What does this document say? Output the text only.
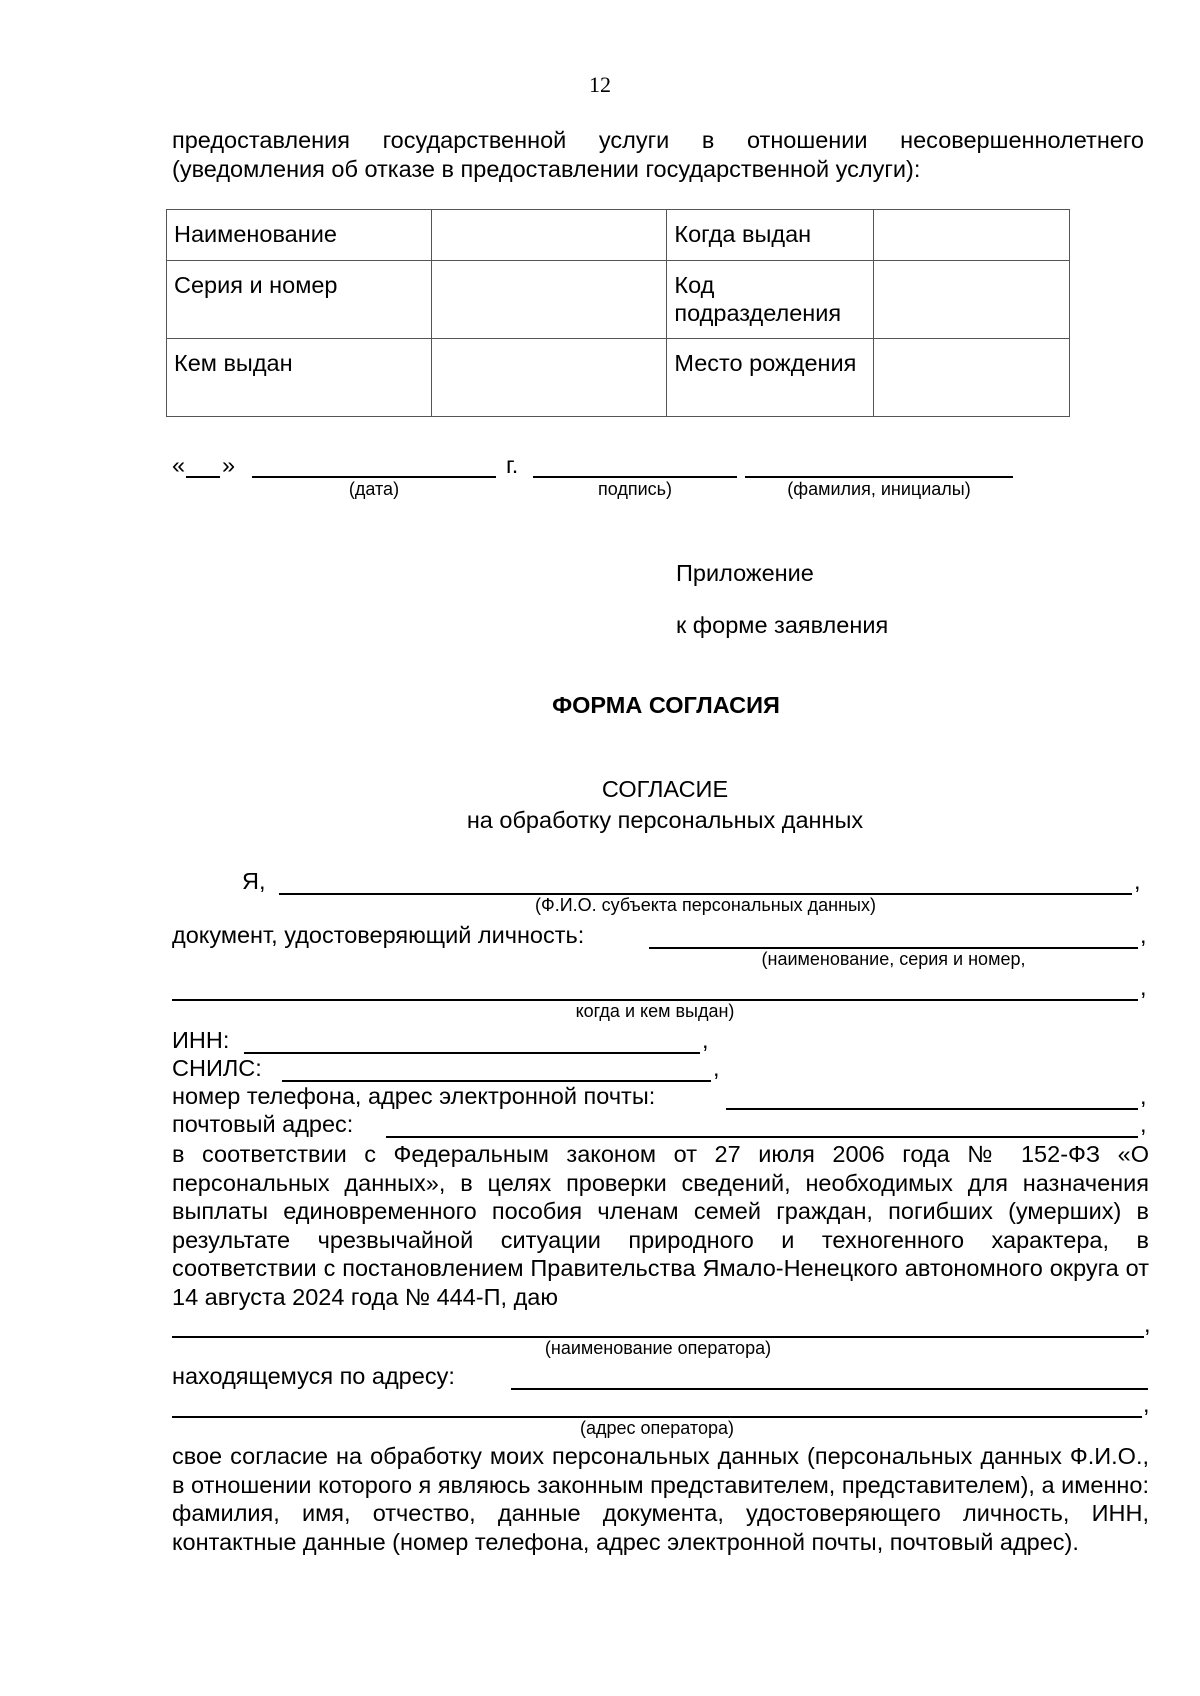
12
предоставления государственной услуги в отношении несовершеннолетнего (уведомления об отказе в предоставлении государственной услуги):
Наименование		Когда выдан	
Серия и номер		Код подразделения	
Кем выдан		Место рождения	
« »	г.
(дата)	подпись)	(фамилия, инициалы)
Приложение
к форме заявления
ФОРМА СОГЛАСИЯ
СОГЛАСИЕ
на обработку персональных данных
Я,	,
(Ф.И.О. субъекта персональных данных)
документ, удостоверяющий личность:	,
(наименование, серия и номер,
,
когда и кем выдан)
ИНН:	,
СНИЛС:	,
номер телефона, адрес электронной почты:	,
почтовый адрес:	,
в соответствии с Федеральным законом от 27 июля 2006 года № 152-ФЗ «О персональных данных», в целях проверки сведений, необходимых для назначения выплаты единовременного пособия членам семей граждан, погибших (умерших) в результате чрезвычайной ситуации природного и техногенного характера, в соответствии с постановлением Правительства Ямало-Ненецкого автономного округа от 14 августа 2024 года № 444-П, даю
,
(наименование оператора)
находящемуся по адресу:
,
(адрес оператора)
свое согласие на обработку моих персональных данных (персональных данных Ф.И.О., в отношении которого я являюсь законным представителем, представителем), а именно: фамилия, имя, отчество, данные документа, удостоверяющего личность, ИНН, контактные данные (номер телефона, адрес электронной почты, почтовый адрес).
